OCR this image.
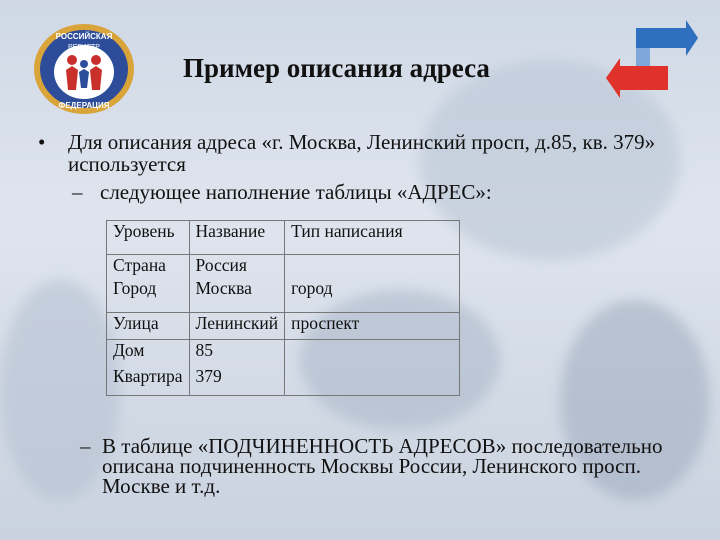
РОССИЙСКАЯ
РЕГИСТР
ФЕДЕРАЦИЯ
Пример описания адреса
• Для описания адреса «г. Москва, Ленинский просп, д.85, кв. 379» используется
– следующее наполнение таблицы «АДРЕС»:
Уровень	Название	Тип написания
Страна	Россия	
Город	Москва	город
Улица	Ленинский	проспект
Дом	85	
Квартира	379	
– В таблице «ПОДЧИНЕННОСТЬ АДРЕСОВ» последовательно описана подчиненность Москвы России, Ленинского просп. Москве и т.д.
